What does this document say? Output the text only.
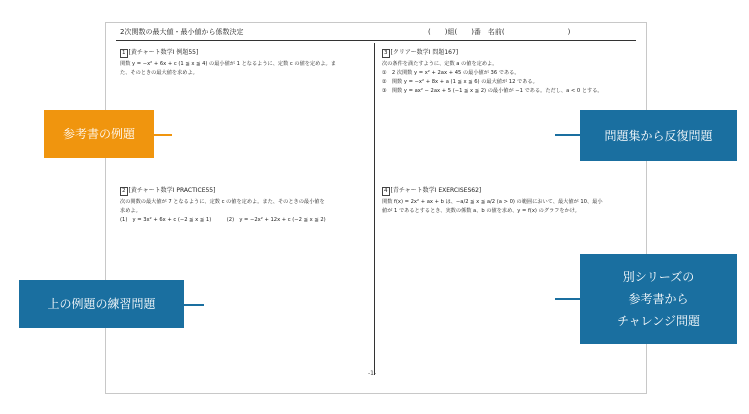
2次関数の最大値・最小値から係数決定	(　　)組(　　)番　名前(　　　　　　　　　)
1 [黄チャート数学Ⅰ 例題55]
関数 y = −x² + 6x + c (1 ≦ x ≦ 4) の最小値が 1 となるように、定数 c の値を定めよ。ま
た、そのときの最大値を求めよ。
2 [黄チャート数学Ⅰ PRACTICE55]
次の関数の最大値が 7 となるように、定数 c の値を定めよ。また、そのときの最小値を
求めよ。
(1)　y = 3x² + 6x + c (−2 ≦ x ≦ 1)　　　(2)　y = −2x² + 12x + c (−2 ≦ x ≦ 2)
3 [クリアー数学Ⅰ 問題167]
次の条件を満たすように、定数 a の値を定めよ。
①　2 次関数 y = x² + 2ax + 45 の最小値が 36 である。
②　関数 y = −x² + 8x + a (1 ≦ x ≦ 6) の最大値が 12 である。
③　関数 y = ax² − 2ax + 5 (−1 ≦ x ≦ 2) の最小値が −1 である。ただし、a < 0 とする。
4 [青チャート数学Ⅰ EXERCISES62]
関数 f(x) = 2x² + ax + b は、−a/2 ≦ x ≦ a/2 (a > 0) の範囲において、最大値が 10、最小
値が 1 であるとするとき、実数の係数 a、b の値を求め、y = f(x) のグラフをかけ。
-1-
参考書の例題
上の例題の練習問題
問題集から反復問題
別シリーズの
参考書から
チャレンジ問題
